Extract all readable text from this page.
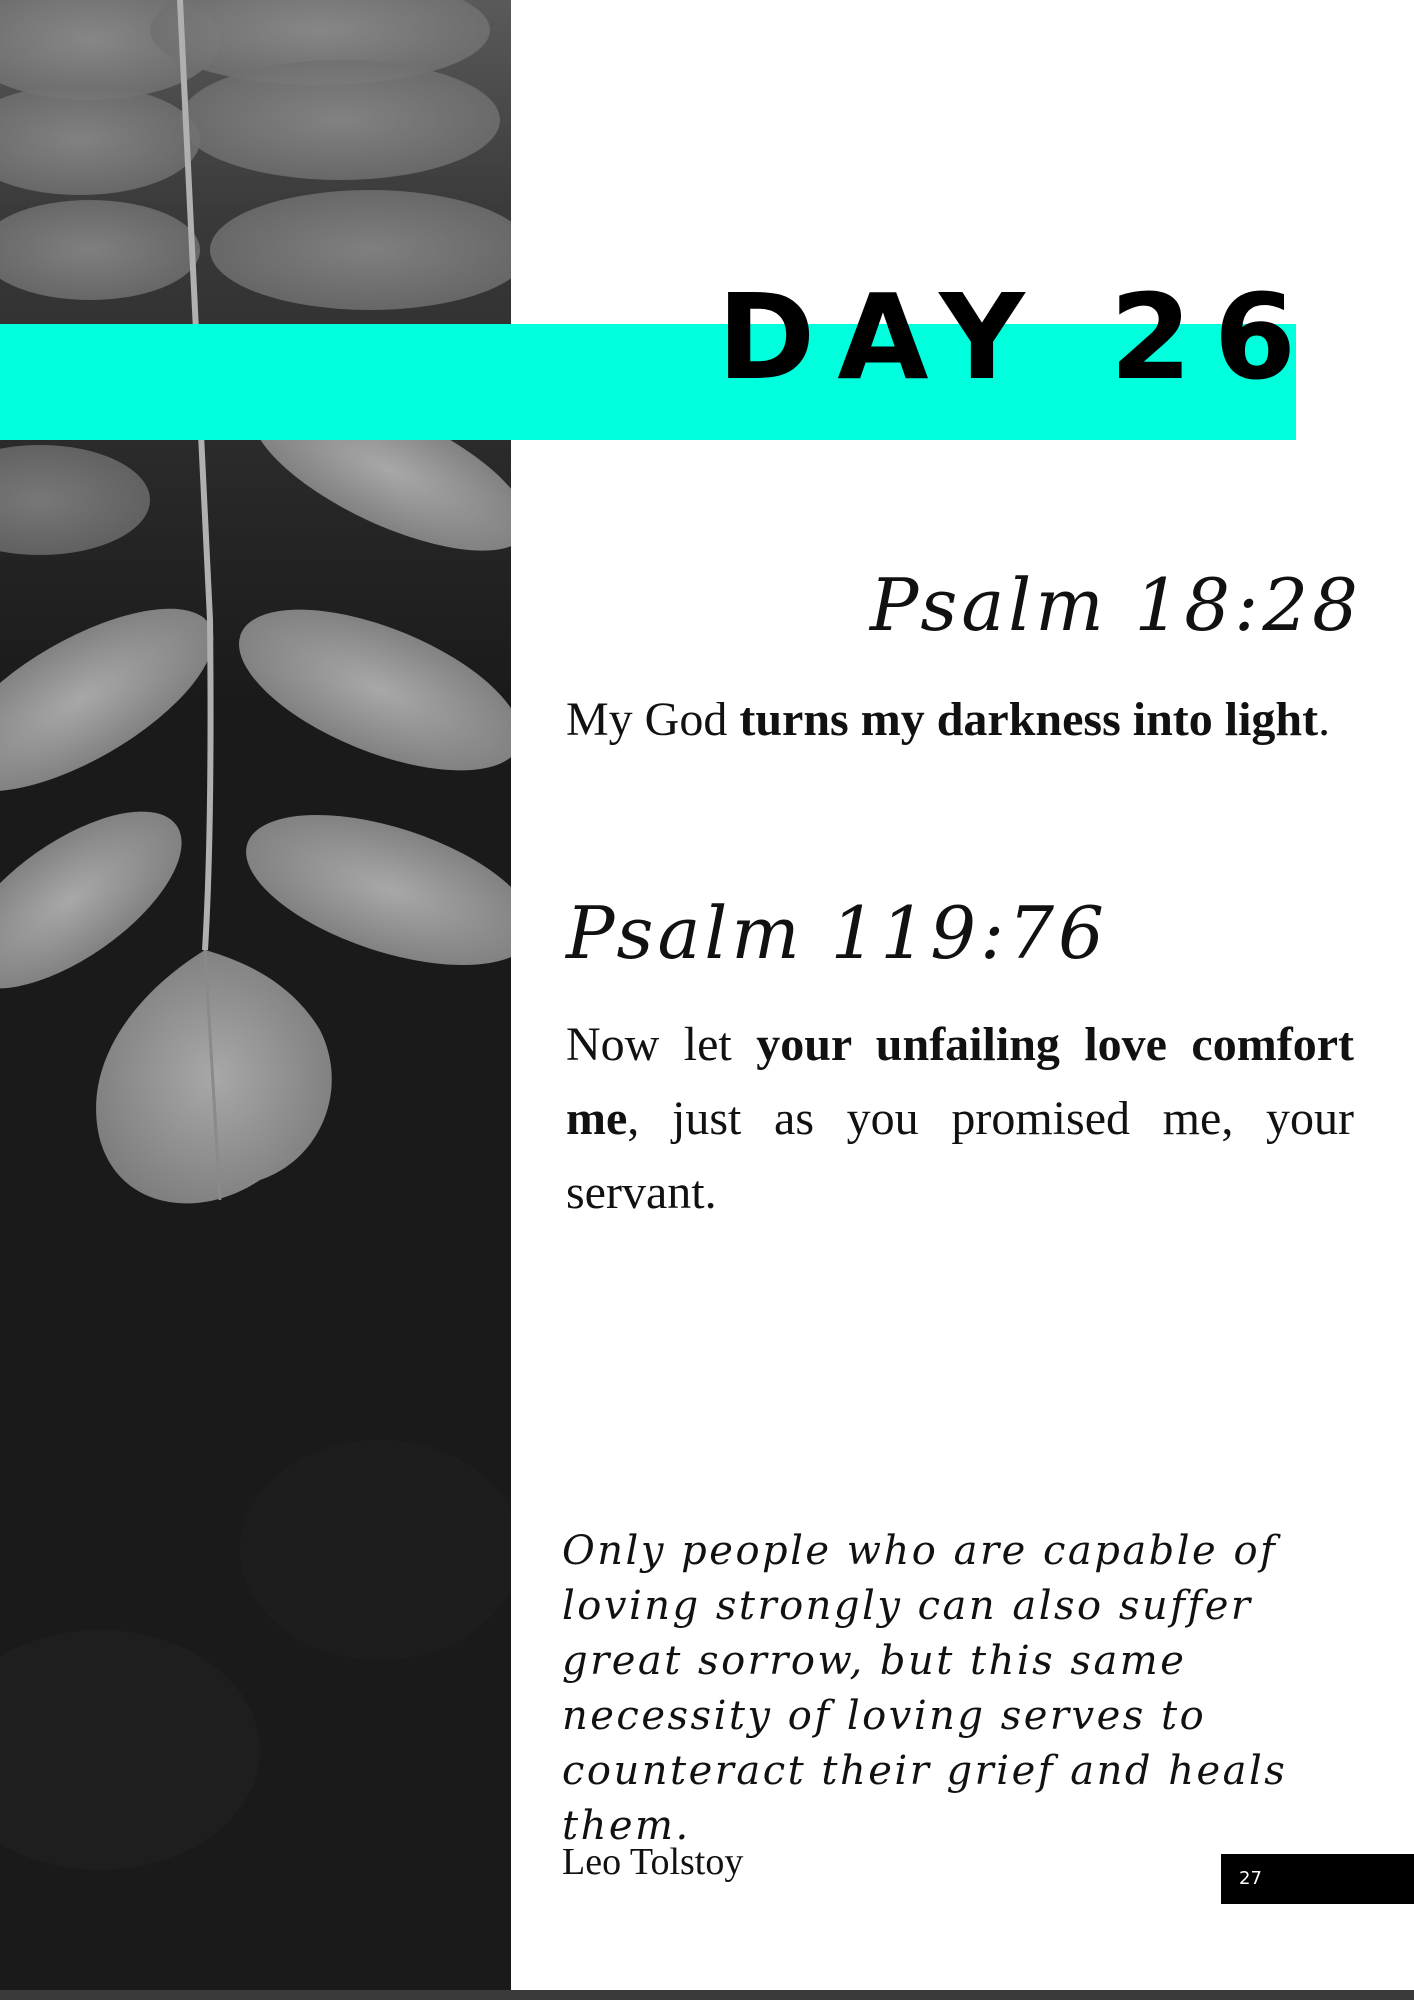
DAY 26
Psalm 18:28

My God turns my darkness into light.

Psalm 119:76

Now let your unfailing love comfort me, just as you promised me, your servant.

Only people who are capable of loving strongly can also suffer great sorrow, but this same necessity of loving serves to counteract their grief and heals them.

Leo Tolstoy	27
